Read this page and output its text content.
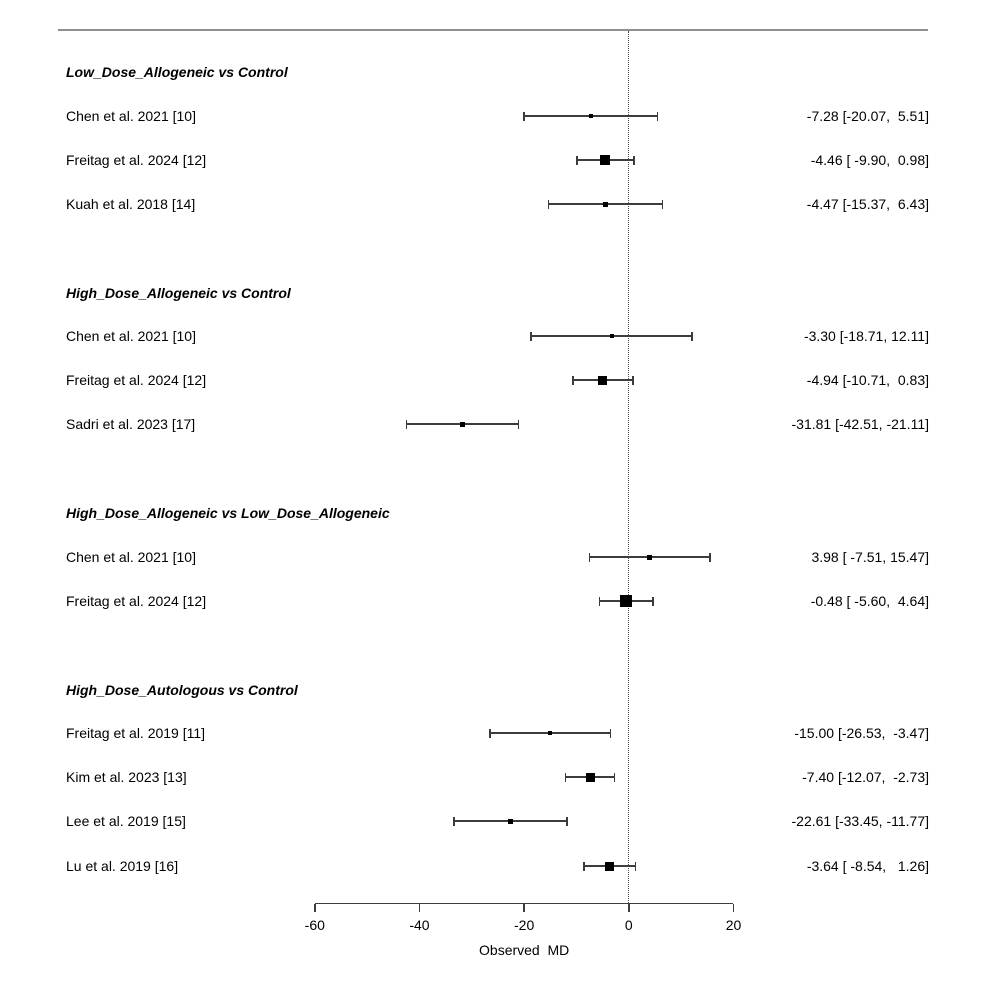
Low_Dose_Allogeneic vs Control
Chen et al. 2021 [10]	-7.28 [-20.07,  5.51]
Freitag et al. 2024 [12]	-4.46 [ -9.90,  0.98]
Kuah et al. 2018 [14]	-4.47 [-15.37,  6.43]
High_Dose_Allogeneic vs Control
Chen et al. 2021 [10]	-3.30 [-18.71, 12.11]
Freitag et al. 2024 [12]	-4.94 [-10.71,  0.83]
Sadri et al. 2023 [17]	-31.81 [-42.51, -21.11]
High_Dose_Allogeneic vs Low_Dose_Allogeneic
Chen et al. 2021 [10]	3.98 [ -7.51, 15.47]
Freitag et al. 2024 [12]	-0.48 [ -5.60,  4.64]
High_Dose_Autologous vs Control
Freitag et al. 2019 [11]	-15.00 [-26.53,  -3.47]
Kim et al. 2023 [13]	-7.40 [-12.07,  -2.73]
Lee et al. 2019 [15]	-22.61 [-33.45, -11.77]
Lu et al. 2019 [16]	-3.64 [ -8.54,   1.26]
-60	-40	-20	0	20
Observed  MD
